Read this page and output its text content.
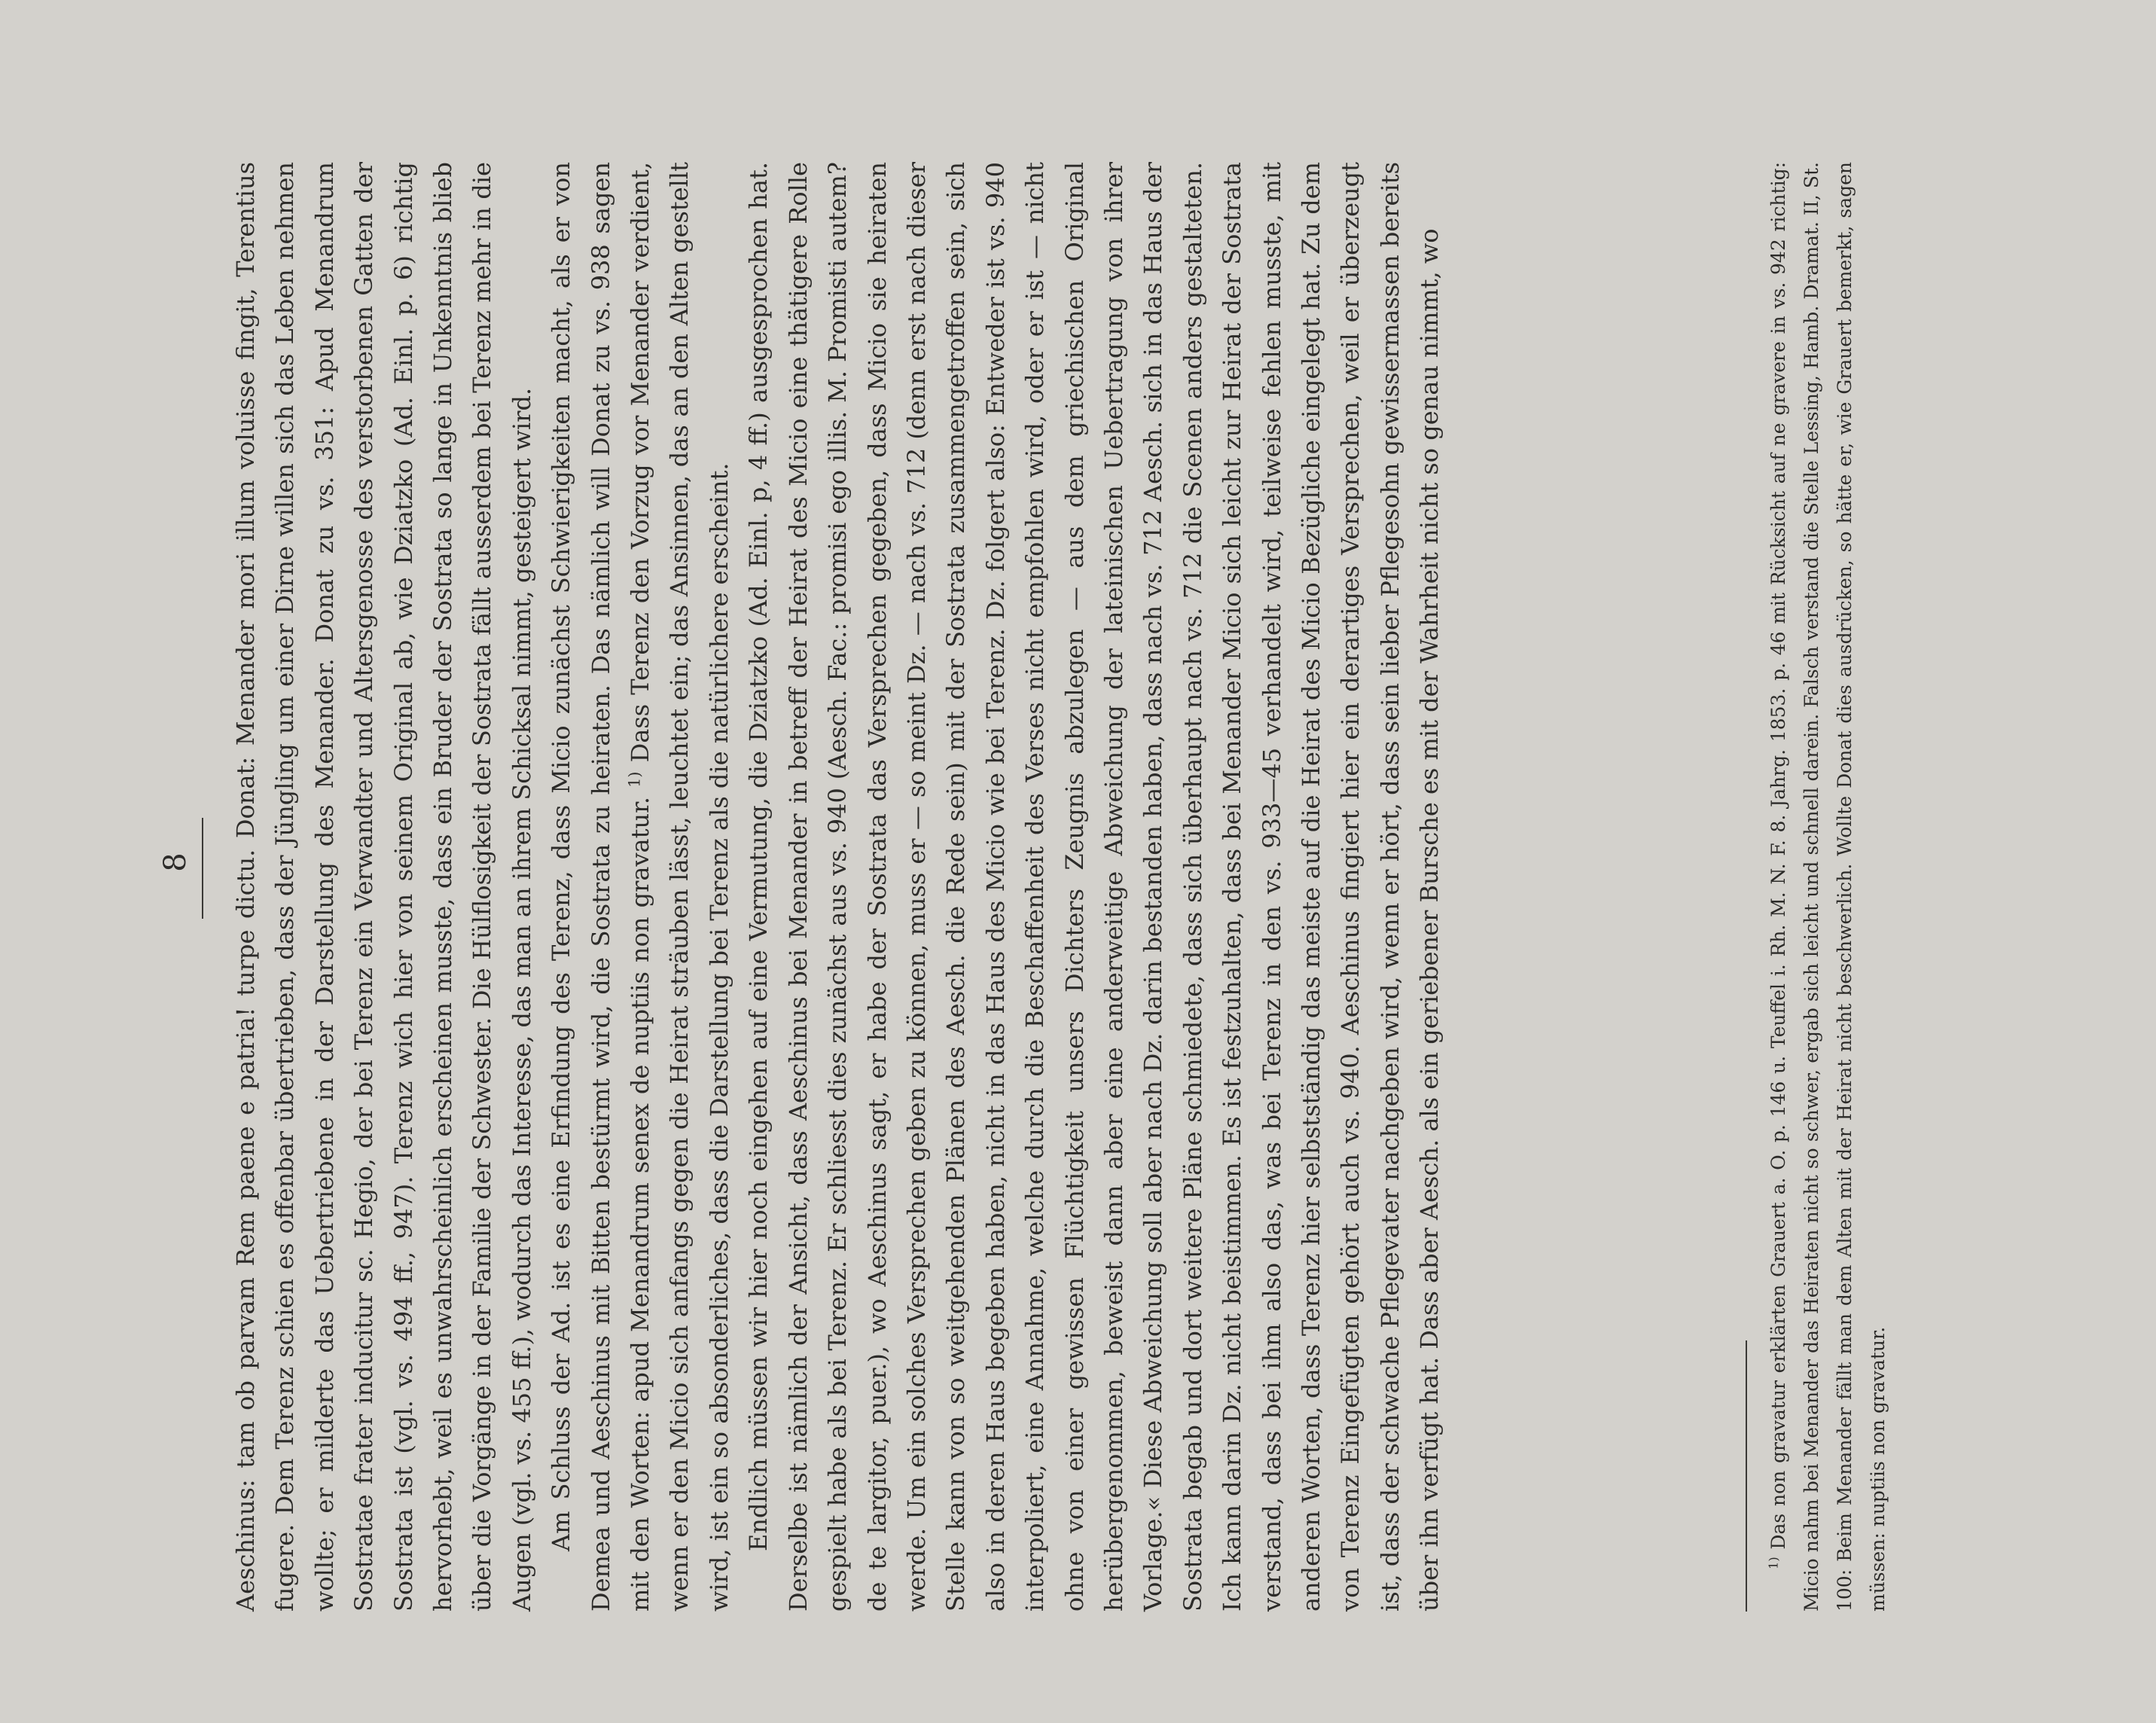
8 Aeschinus: tam ob parvam Rem paene e patria! turpe dictu. Donat: Menander mori illum voluisse fingit, Terentius fugere. Dem Terenz schien es offenbar übertrieben, dass der Jüngling um einer Dirne willen sich das Leben nehmen wollte; er milderte das Uebertriebene in der Darstellung des Menander. Donat zu vs. 351: Apud Menandrum Sostratae frater inducitur sc. Hegio, der bei Terenz ein Verwandter und Altersgenosse des verstorbenen Gatten der Sostrata ist (vgl. vs. 494 ff., 947). Terenz wich hier von seinem Original ab, wie Dziatzko (Ad. Einl. p. 6) richtig hervorhebt, weil es unwahrscheinlich erscheinen musste, dass ein Bruder der Sostrata so lange in Unkenntnis blieb über die Vorgänge in der Familie der Schwester. Die Hülflosigkeit der Sostrata fällt ausserdem bei Terenz mehr in die Augen (vgl. vs. 455 ff.), wodurch das Interesse, das man an ihrem Schicksal nimmt, gesteigert wird. Am Schluss der Ad. ist es eine Erfindung des Terenz, dass Micio zunächst Schwierigkeiten macht, als er von Demea und Aeschinus mit Bitten bestürmt wird, die Sostrata zu heiraten. Das nämlich will Donat zu vs. 938 sagen mit den Worten: apud Menandrum senex de nuptiis non gravatur. $^{1)}$ Dass Terenz den Vorzug vor Menander verdient, wenn er den Micio sich anfangs gegen die Heirat sträuben lässt, leuchtet ein; das Ansinnen, das an den Alten gestellt wird, ist ein so absonderliches, dass die Darstellung bei Terenz als die natürlichere erscheint. Endlich müssen wir hier noch eingehen auf eine Vermutung, die Dziatzko (Ad. Einl. p, 4 ff.) ausgesprochen hat. Derselbe ist nämlich der Ansicht, dass Aeschinus bei Menander in betreff der Heirat des Micio eine thätigere Rolle gespielt habe als bei Terenz. Er schliesst dies zunächst aus vs. 940 (Aesch. Fac.: promisi ego illis. M. Promisti autem? de te largitor, puer.), wo Aeschinus sagt, er habe der Sostrata das Versprechen gegeben, dass Micio sie heiraten werde. Um ein solches Versprechen geben zu können, muss er — so meint Dz. — nach vs. 712 (denn erst nach dieser Stelle kann von so weitgehenden Plänen des Aesch. die Rede sein) mit der Sostrata zusammengetroffen sein, sich also in deren Haus begeben haben, nicht in das Haus des Micio wie bei Terenz. Dz. folgert also: Entweder ist vs. 940 interpoliert, eine Annahme, welche durch die Beschaffenheit des Verses nicht empfohlen wird, oder er ist — nicht ohne von einer gewissen Flüchtigkeit unsers Dichters Zeugnis abzulegen — aus dem griechischen Original herübergenommen, beweist dann aber eine anderweitige Abweichung der lateinischen Uebertragung von ihrer Vorlage.« Diese Abweichung soll aber nach Dz. darin bestanden haben, dass nach vs. 712 Aesch. sich in das Haus der Sostrata begab und dort weitere Pläne schmiedete, dass sich überhaupt nach vs. 712 die Scenen anders gestalteten. Ich kann darin Dz. nicht beistimmen. Es ist festzuhalten, dass bei Menander Micio sich leicht zur Heirat der Sostrata verstand, dass bei ihm also das, was bei Terenz in den vs. 933—45 verhandelt wird, teilweise fehlen musste, mit anderen Worten, dass Terenz hier selbstständig das meiste auf die Heirat des Micio Bezügliche eingelegt hat. Zu dem von Terenz Eingefügten gehört auch vs. 940. Aeschinus fingiert hier ein derartiges Versprechen, weil er überzeugt ist, dass der schwache Pflegevater nachgeben wird, wenn er hört, dass sein lieber Pflegesohn gewissermassen bereits über ihn verfügt hat. Dass aber Aesch. als ein geriebener Bursche es mit der Wahrheit nicht so genau nimmt, wo	$^{1)}$ Das non gravatur erklärten Grauert a. O. p. 146 u. Teuffel i. Rh. M. N. F. 8. Jahrg. 1853. p. 46 mit Rücksicht auf ne gravere in vs. 942 richtig: Micio nahm bei Menander das Heiraten nicht so schwer, ergab sich leicht und schnell darein. Falsch verstand die Stelle Lessing, Hamb. Dramat. II, St. 100: Beim Menander fällt man dem Alten mit der Heirat nicht beschwerlich. Wollte Donat dies ausdrücken, so hätte er, wie Grauert bemerkt, sagen müssen: nuptiis non gravatur.
